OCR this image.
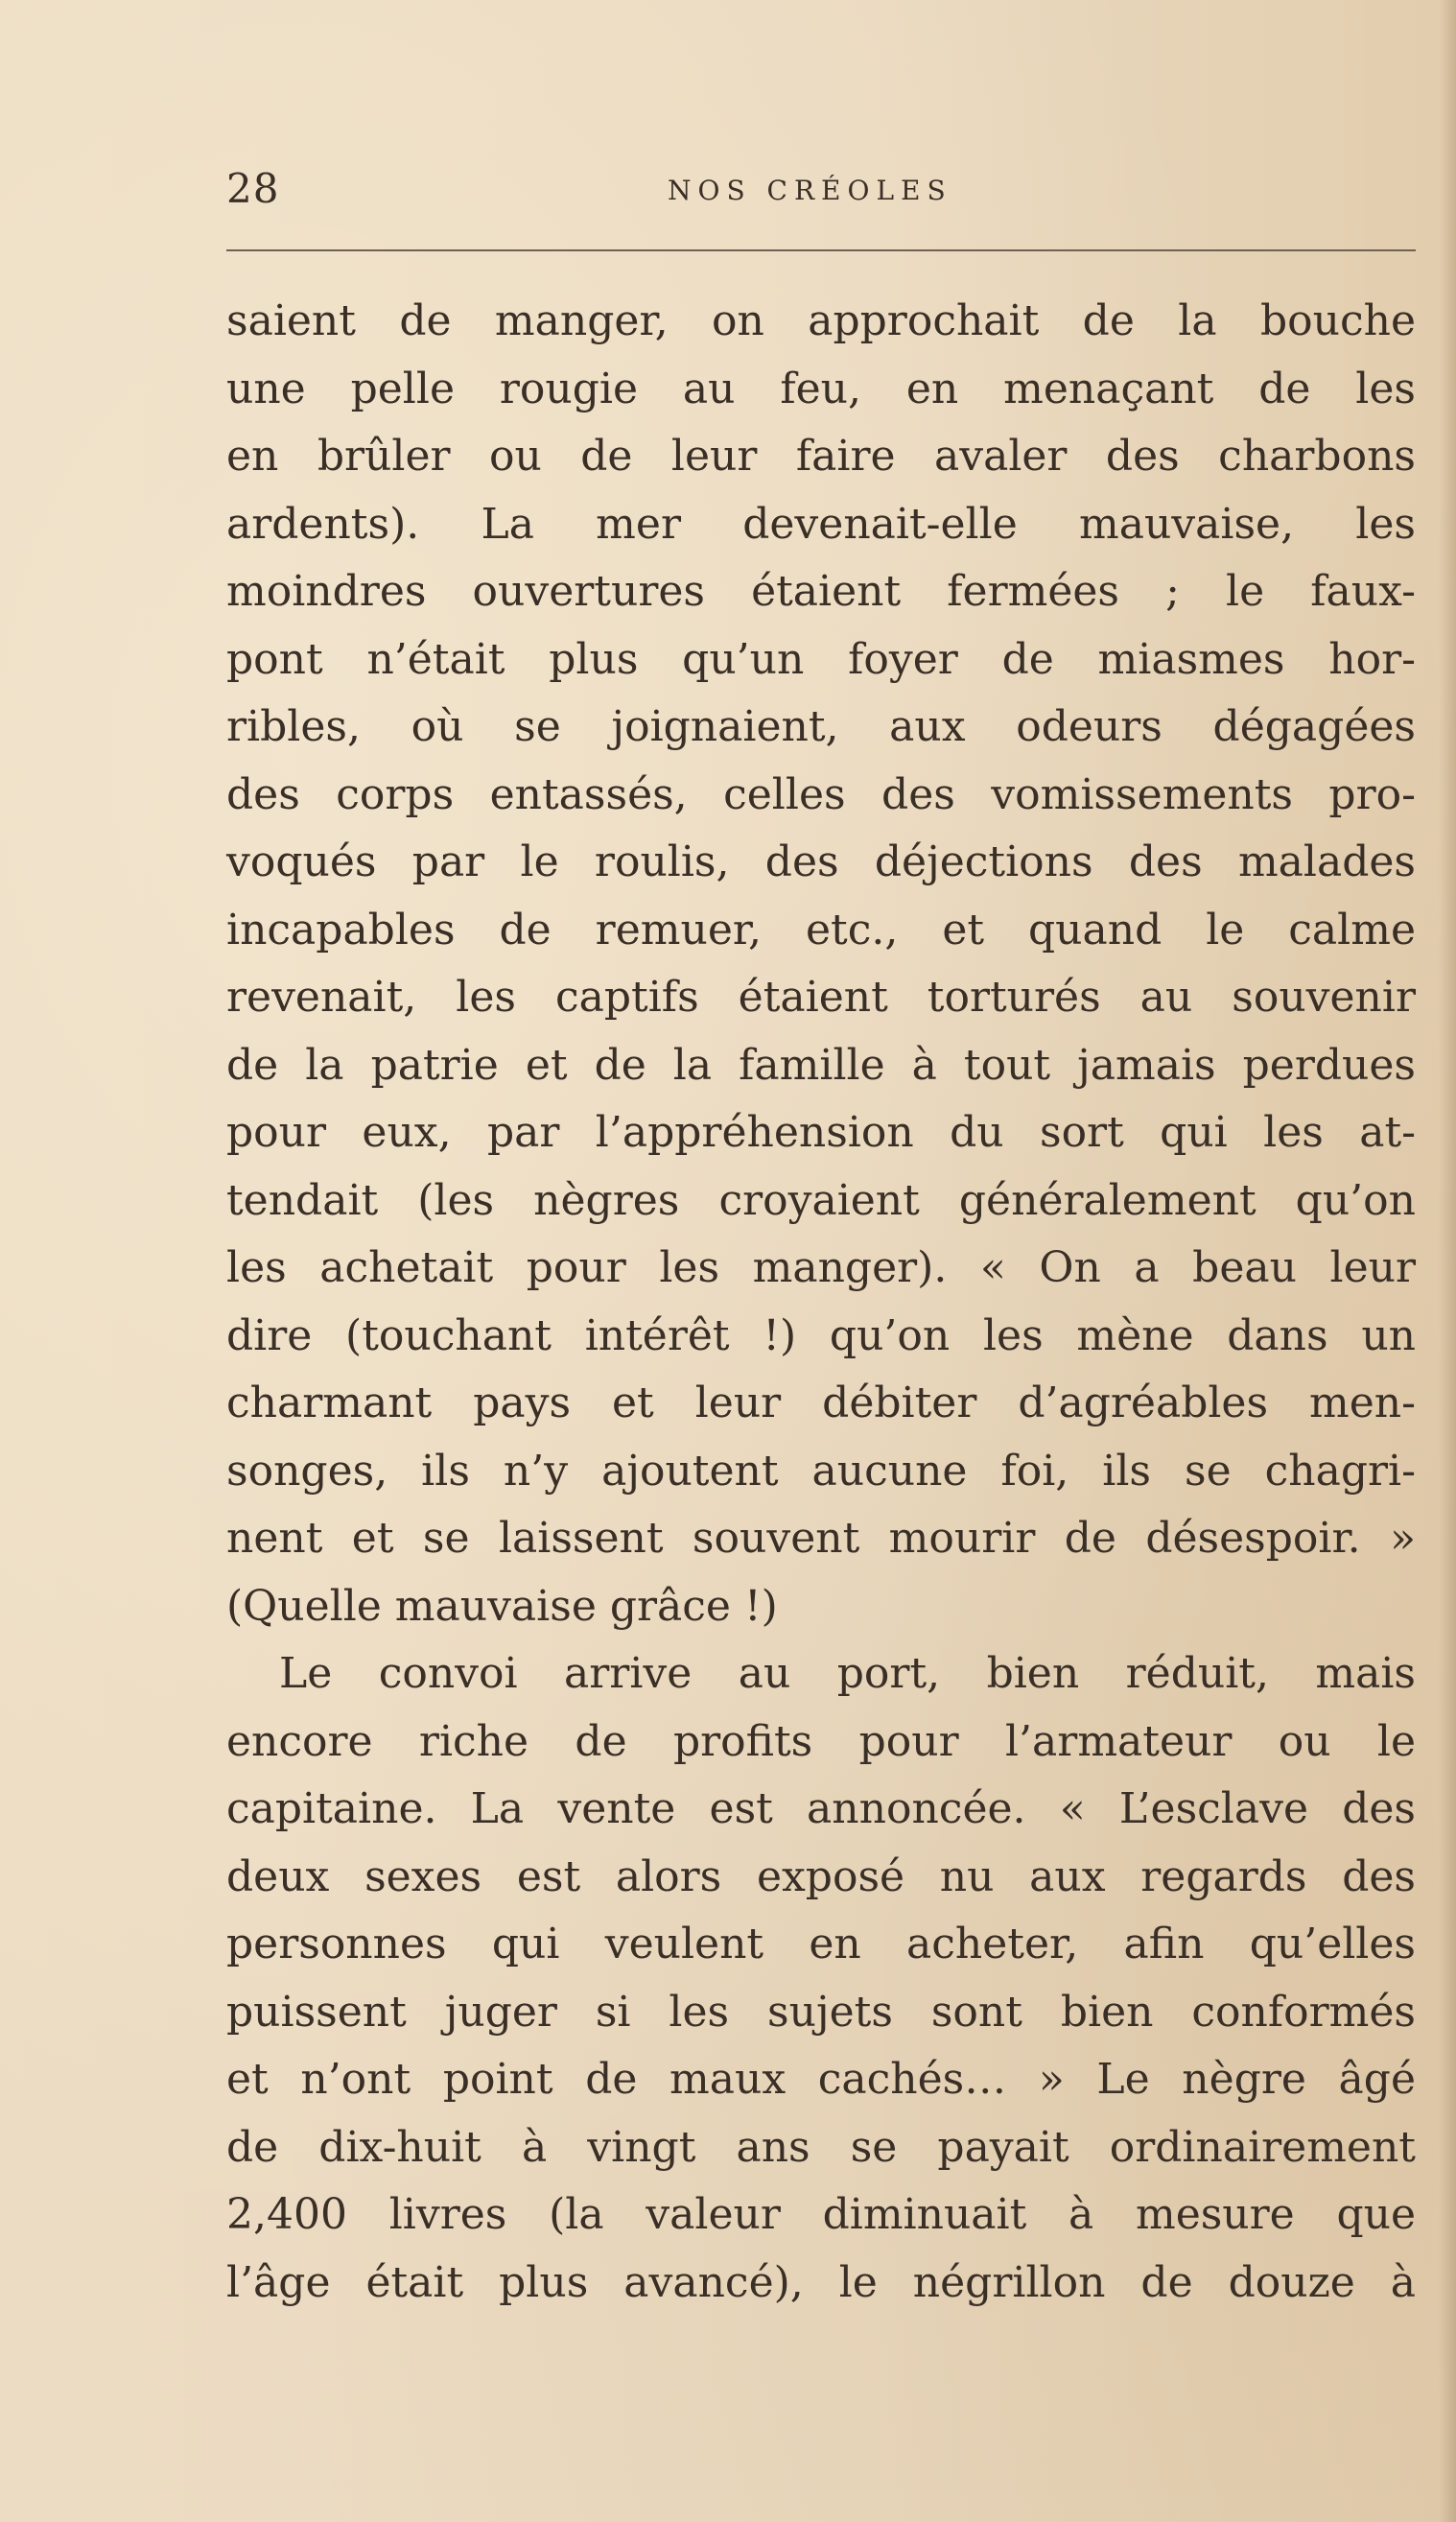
28	NOS CRÉOLES
saient de manger, on approchait de la bouche
une pelle rougie au feu, en menaçant de les
en brûler ou de leur faire avaler des charbons
ardents). La mer devenait-elle mauvaise, les
moindres ouvertures étaient fermées ; le faux-
pont n’était plus qu’un foyer de miasmes hor-
ribles, où se joignaient, aux odeurs dégagées
des corps entassés, celles des vomissements pro-
voqués par le roulis, des déjections des malades
incapables de remuer, etc., et quand le calme
revenait, les captifs étaient torturés au souvenir
de la patrie et de la famille à tout jamais perdues
pour eux, par l’appréhension du sort qui les at-
tendait (les nègres croyaient généralement qu’on
les achetait pour les manger). « On a beau leur
dire (touchant intérêt !) qu’on les mène dans un
charmant pays et leur débiter d’agréables men-
songes, ils n’y ajoutent aucune foi, ils se chagri-
nent et se laissent souvent mourir de désespoir. »
(Quelle mauvaise grâce !)
Le convoi arrive au port, bien réduit, mais
encore riche de profits pour l’armateur ou le
capitaine. La vente est annoncée. « L’esclave des
deux sexes est alors exposé nu aux regards des
personnes qui veulent en acheter, afin qu’elles
puissent juger si les sujets sont bien conformés
et n’ont point de maux cachés… » Le nègre âgé
de dix-huit à vingt ans se payait ordinairement
2,400 livres (la valeur diminuait à mesure que
l’âge était plus avancé), le négrillon de douze à
